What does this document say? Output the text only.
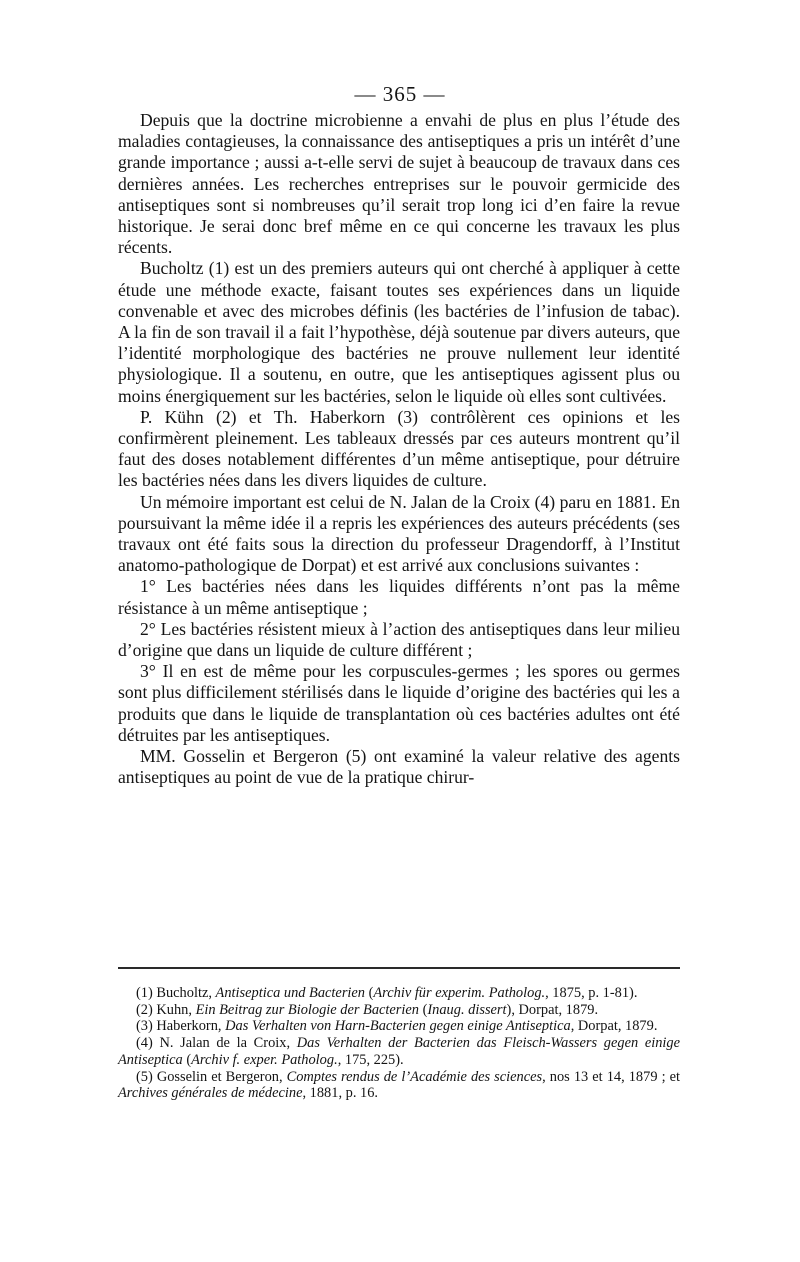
— 365 —

Depuis que la doctrine microbienne a envahi de plus en plus l’étude des maladies contagieuses, la connaissance des antiseptiques a pris un intérêt d’une grande importance ; aussi a-t-elle servi de sujet à beaucoup de travaux dans ces dernières années. Les recherches entreprises sur le pouvoir germicide des antiseptiques sont si nombreuses qu’il serait trop long ici d’en faire la revue historique. Je serai donc bref même en ce qui concerne les travaux les plus récents.

Bucholtz (1) est un des premiers auteurs qui ont cherché à appliquer à cette étude une méthode exacte, faisant toutes ses expériences dans un liquide convenable et avec des microbes définis (les bactéries de l’infusion de tabac). A la fin de son travail il a fait l’hypothèse, déjà soutenue par divers auteurs, que l’identité morphologique des bactéries ne prouve nullement leur identité physiologique. Il a soutenu, en outre, que les antiseptiques agissent plus ou moins énergiquement sur les bactéries, selon le liquide où elles sont cultivées.

P. Kühn (2) et Th. Haberkorn (3) contrôlèrent ces opinions et les confirmèrent pleinement. Les tableaux dressés par ces auteurs montrent qu’il faut des doses notablement différentes d’un même antiseptique, pour détruire les bactéries nées dans les divers liquides de culture.

Un mémoire important est celui de N. Jalan de la Croix (4) paru en 1881. En poursuivant la même idée il a repris les expériences des auteurs précédents (ses travaux ont été faits sous la direction du professeur Dragendorff, à l’Institut anatomo-pathologique de Dorpat) et est arrivé aux conclusions suivantes :

1° Les bactéries nées dans les liquides différents n’ont pas la même résistance à un même antiseptique ;

2° Les bactéries résistent mieux à l’action des antiseptiques dans leur milieu d’origine que dans un liquide de culture différent ;

3° Il en est de même pour les corpuscules-germes ; les spores ou germes sont plus difficilement stérilisés dans le liquide d’origine des bactéries qui les a produits que dans le liquide de transplantation où ces bactéries adultes ont été détruites par les antiseptiques.

MM. Gosselin et Bergeron (5) ont examiné la valeur relative des agents antiseptiques au point de vue de la pratique chirur-

(1) Bucholtz, Antiseptica und Bacterien (Archiv für experim. Patholog., 1875, p. 1-81).

(2) Kuhn, Ein Beitrag zur Biologie der Bacterien (Inaug. dissert), Dorpat, 1879.

(3) Haberkorn, Das Verhalten von Harn-Bacterien gegen einige Antiseptica, Dorpat, 1879.

(4) N. Jalan de la Croix, Das Verhalten der Bacterien das Fleisch-Wassers gegen einige Antiseptica (Archiv f. exper. Patholog., 175, 225).

(5) Gosselin et Bergeron, Comptes rendus de l’Académie des sciences, nos 13 et 14, 1879 ; et Archives générales de médecine, 1881, p. 16.
